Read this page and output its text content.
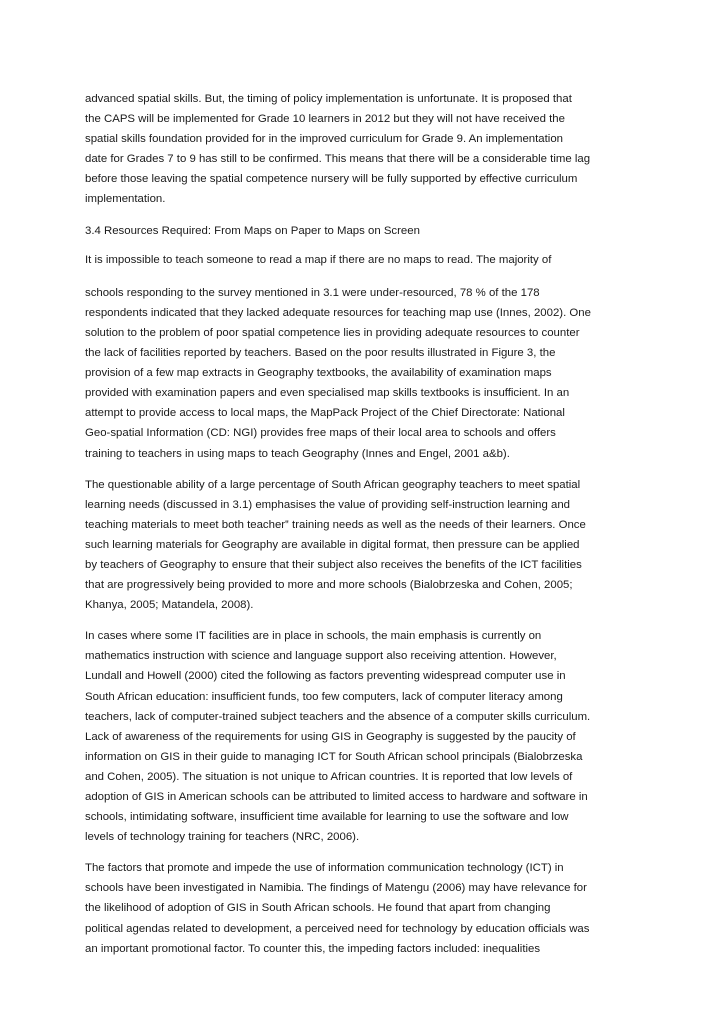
advanced spatial skills. But, the timing of policy implementation is unfortunate. It is proposed that
the CAPS will be implemented for Grade 10 learners in 2012 but they will not have received the
spatial skills foundation provided for in the improved curriculum for Grade 9. An implementation
date for Grades 7 to 9 has still to be confirmed. This means that there will be a considerable time lag
before those leaving the spatial competence nursery will be fully supported by effective curriculum
implementation.

3.4 Resources Required: From Maps on Paper to Maps on Screen

It is impossible to teach someone to read a map if there are no maps to read. The majority of

schools responding to the survey mentioned in 3.1 were under-resourced, 78 % of the 178
respondents indicated that they lacked adequate resources for teaching map use (Innes, 2002). One
solution to the problem of poor spatial competence lies in providing adequate resources to counter
the lack of facilities reported by teachers. Based on the poor results illustrated in Figure 3, the
provision of a few map extracts in Geography textbooks, the availability of examination maps
provided with examination papers and even specialised map skills textbooks is insufficient. In an
attempt to provide access to local maps, the MapPack Project of the Chief Directorate: National
Geo-spatial Information (CD: NGI) provides free maps of their local area to schools and offers
training to teachers in using maps to teach Geography (Innes and Engel, 2001 a&b).

The questionable ability of a large percentage of South African geography teachers to meet spatial
learning needs (discussed in 3.1) emphasises the value of providing self-instruction learning and
teaching materials to meet both teacher‟ training needs as well as the needs of their learners. Once
such learning materials for Geography are available in digital format, then pressure can be applied
by teachers of Geography to ensure that their subject also receives the benefits of the ICT facilities
that are progressively being provided to more and more schools (Bialobrzeska and Cohen, 2005;
Khanya, 2005; Matandela, 2008).

In cases where some IT facilities are in place in schools, the main emphasis is currently on
mathematics instruction with science and language support also receiving attention. However,
Lundall and Howell (2000) cited the following as factors preventing widespread computer use in
South African education: insufficient funds, too few computers, lack of computer literacy among
teachers, lack of computer-trained subject teachers and the absence of a computer skills curriculum.
Lack of awareness of the requirements for using GIS in Geography is suggested by the paucity of
information on GIS in their guide to managing ICT for South African school principals (Bialobrzeska
and Cohen, 2005). The situation is not unique to African countries. It is reported that low levels of
adoption of GIS in American schools can be attributed to limited access to hardware and software in
schools, intimidating software, insufficient time available for learning to use the software and low
levels of technology training for teachers (NRC, 2006).

The factors that promote and impede the use of information communication technology (ICT) in
schools have been investigated in Namibia. The findings of Matengu (2006) may have relevance for
the likelihood of adoption of GIS in South African schools. He found that apart from changing
political agendas related to development, a perceived need for technology by education officials was
an important promotional factor. To counter this, the impeding factors included: inequalities
